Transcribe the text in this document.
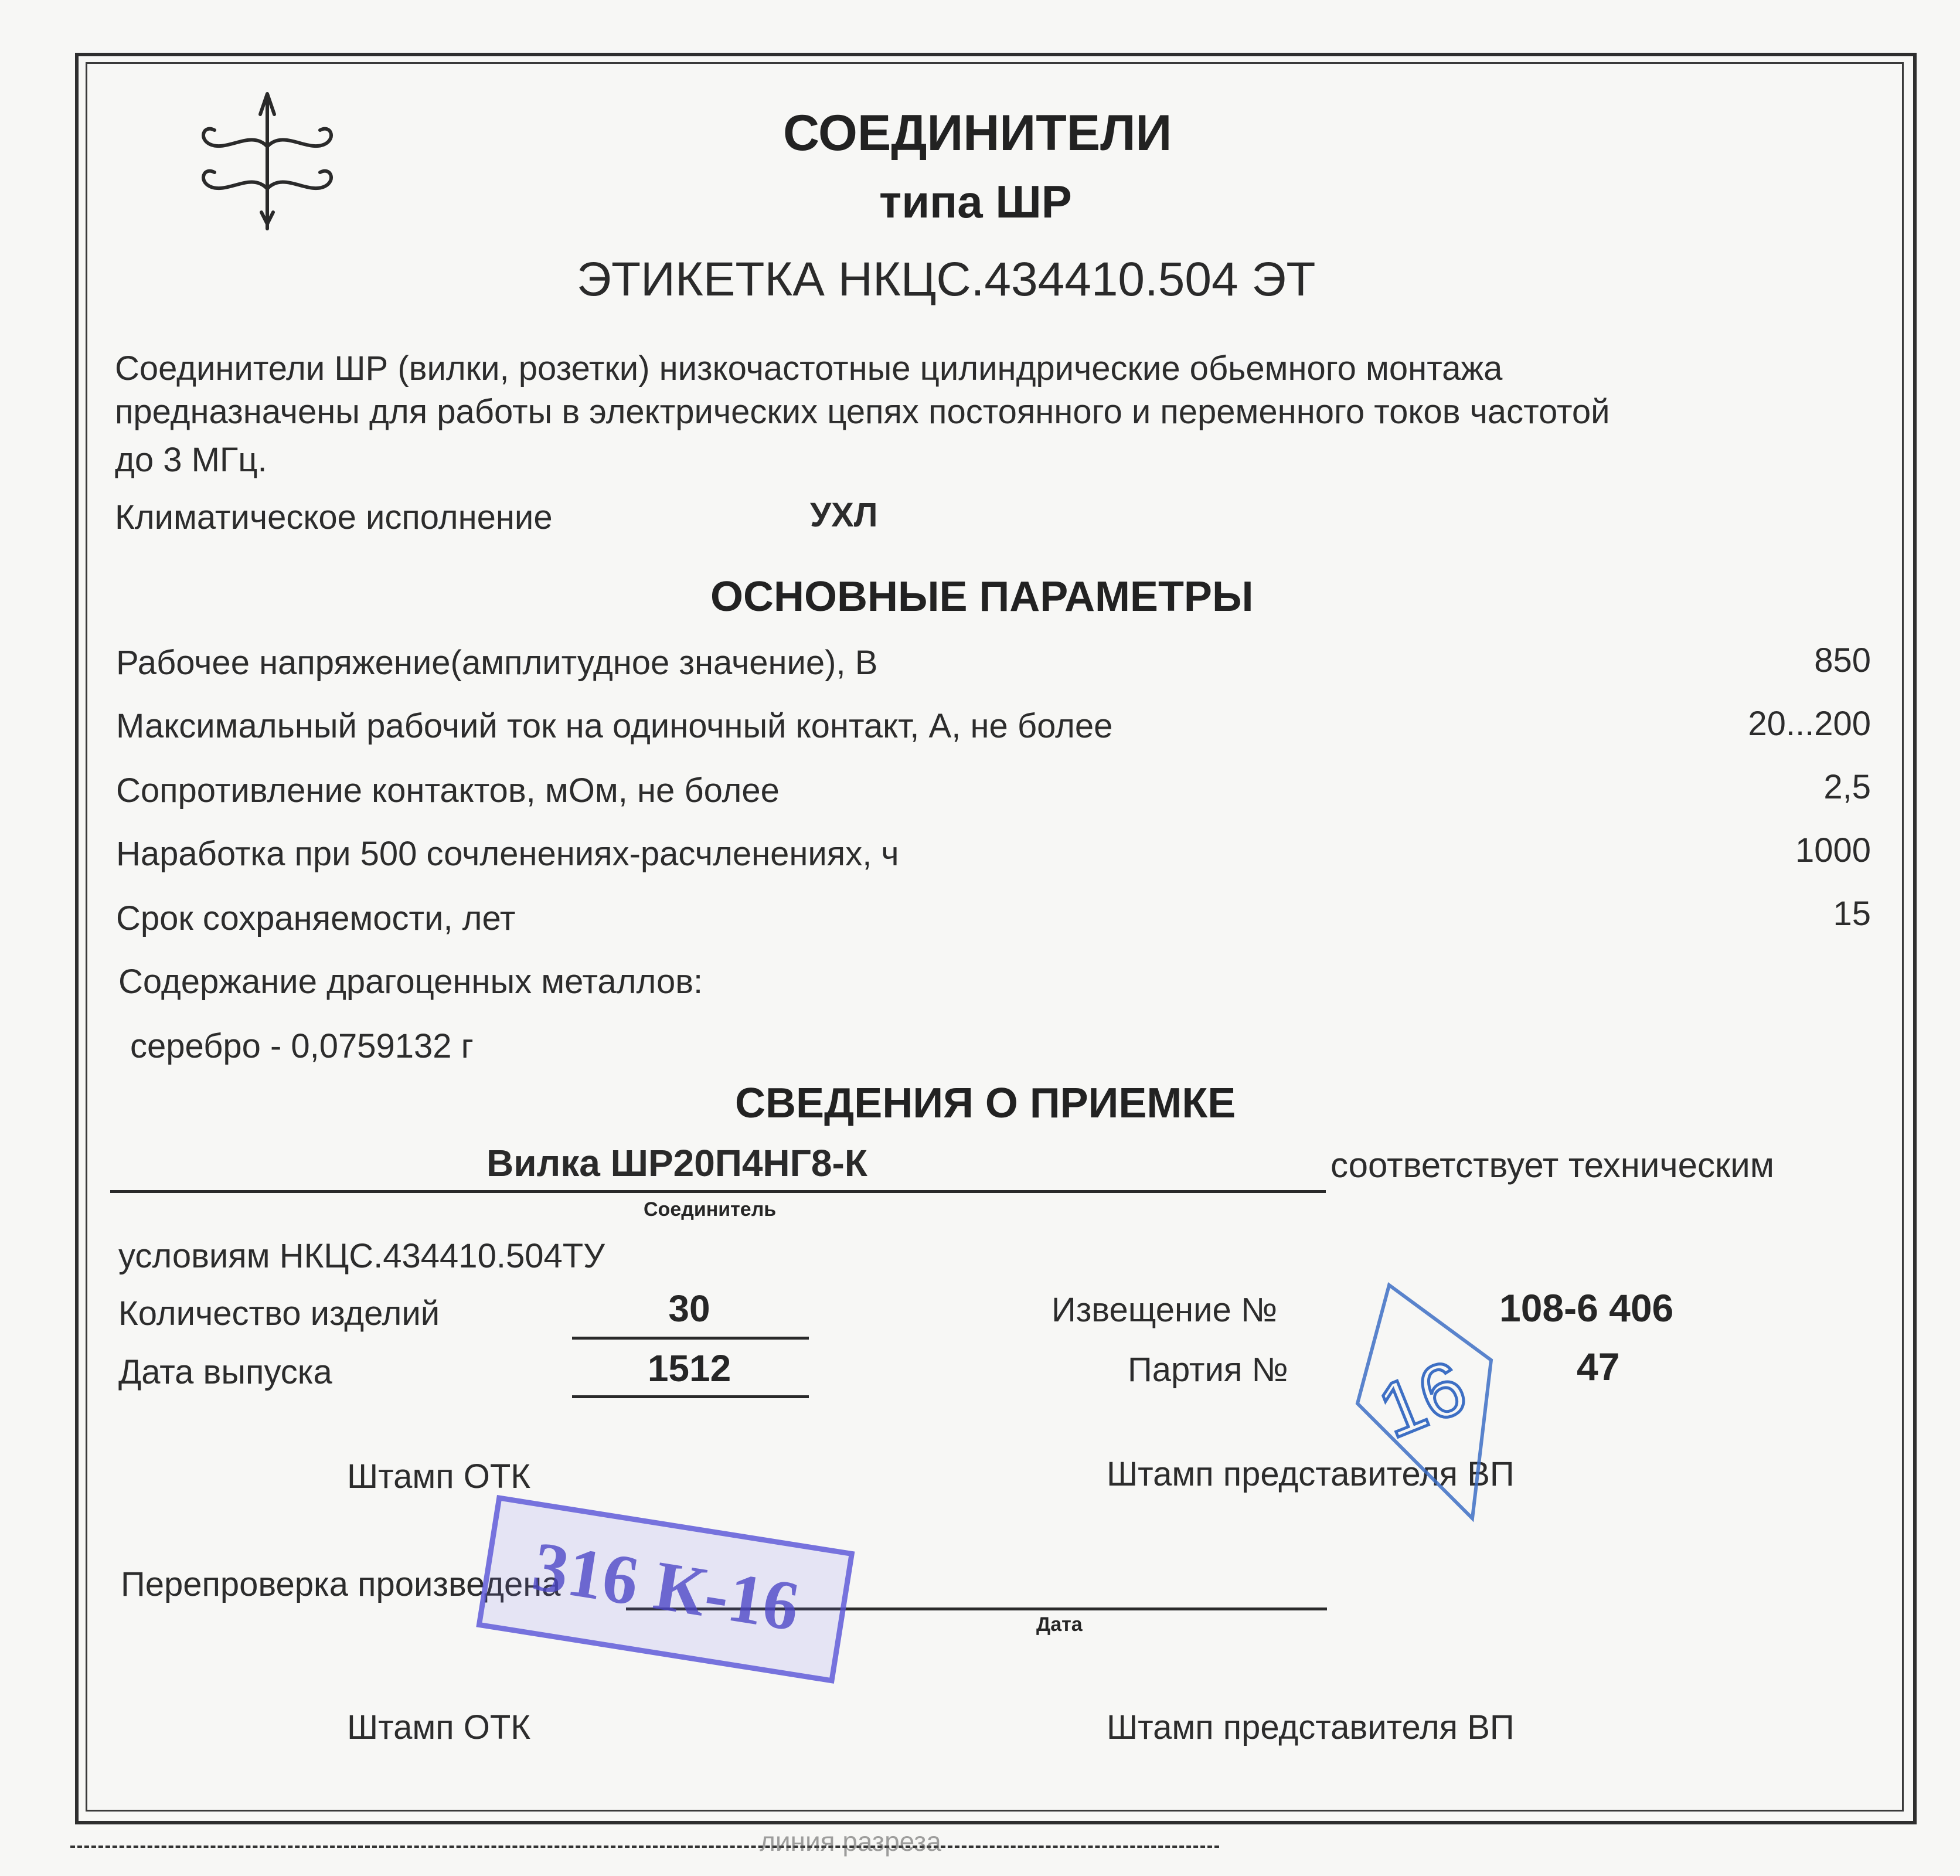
СОЕДИНИТЕЛИ
типа ШР
ЭТИКЕТКА НКЦС.434410.504 ЭТ
Соединители ШР (вилки, розетки) низкочастотные цилиндрические обьемного монтажа
предназначены для работы в электрических цепях постоянного и переменного токов частотой
до 3 МГц.
Климатическое исполнение	УХЛ
ОСНОВНЫЕ ПАРАМЕТРЫ
Рабочее напряжение(амплитудное значение), В	850
Максимальный рабочий ток на одиночный контакт, А, не более	20...200
Сопротивление контактов, мОм, не более	2,5
Наработка при 500 сочленениях-расчленениях, ч	1000
Срок сохраняемости, лет	15
Содержание драгоценных металлов:
серебро - 0,0759132 г
СВЕДЕНИЯ О ПРИЕМКЕ
Вилка ШР20П4НГ8-К	соответствует техническим
Соединитель
условиям НКЦС.434410.504ТУ
Количество изделий	30
Дата выпуска	1512
Извещение №	108-6 406
Партия №	47
Штамп ОТК	Штамп представителя ВП
Перепроверка произведена
Дата
Штамп ОТК	Штамп представителя ВП
316 К-16
16
линия разреза
